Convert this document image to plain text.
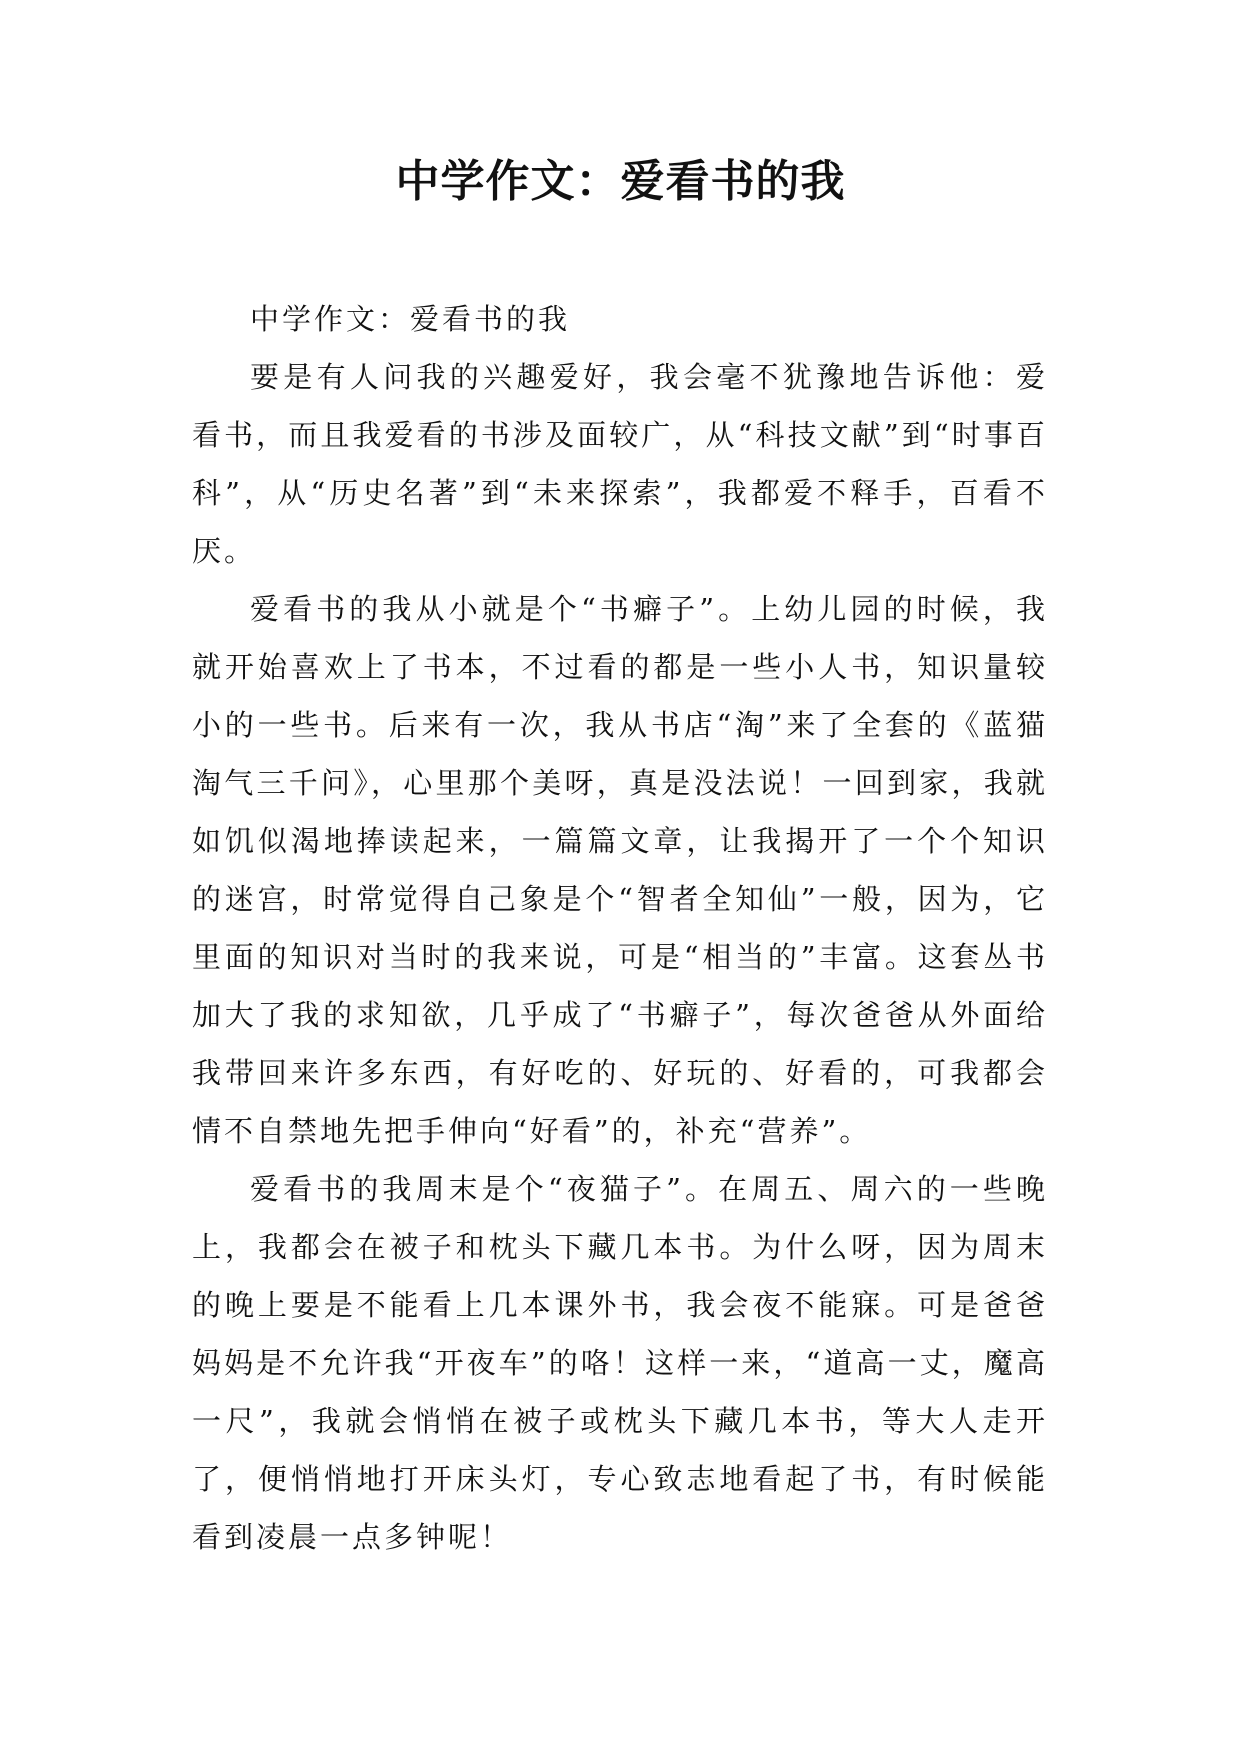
中学作文：爱看书的我

中学作文：爱看书的我

要是有人问我的兴趣爱好，我会毫不犹豫地告诉他：爱看书，而且我爱看的书涉及面较广，从“科技文献”到“时事百科”，从“历史名著”到“未来探索”，我都爱不释手，百看不厌。

爱看书的我从小就是个“书癖子”。上幼儿园的时候，我就开始喜欢上了书本，不过看的都是一些小人书，知识量较小的一些书。后来有一次，我从书店“淘”来了全套的《蓝猫淘气三千问》，心里那个美呀，真是没法说！一回到家，我就如饥似渴地捧读起来，一篇篇文章，让我揭开了一个个知识的迷宫，时常觉得自己象是个“智者全知仙”一般，因为，它里面的知识对当时的我来说，可是“相当的”丰富。这套丛书加大了我的求知欲，几乎成了“书癖子”，每次爸爸从外面给我带回来许多东西，有好吃的、好玩的、好看的，可我都会情不自禁地先把手伸向“好看”的，补充“营养”。

爱看书的我周末是个“夜猫子”。在周五、周六的一些晚上，我都会在被子和枕头下藏几本书。为什么呀，因为周末的晚上要是不能看上几本课外书，我会夜不能寐。可是爸爸妈妈是不允许我“开夜车”的咯！这样一来，“道高一丈，魔高一尺”，我就会悄悄在被子或枕头下藏几本书，等大人走开了，便悄悄地打开床头灯，专心致志地看起了书，有时候能看到凌晨一点多钟呢！
